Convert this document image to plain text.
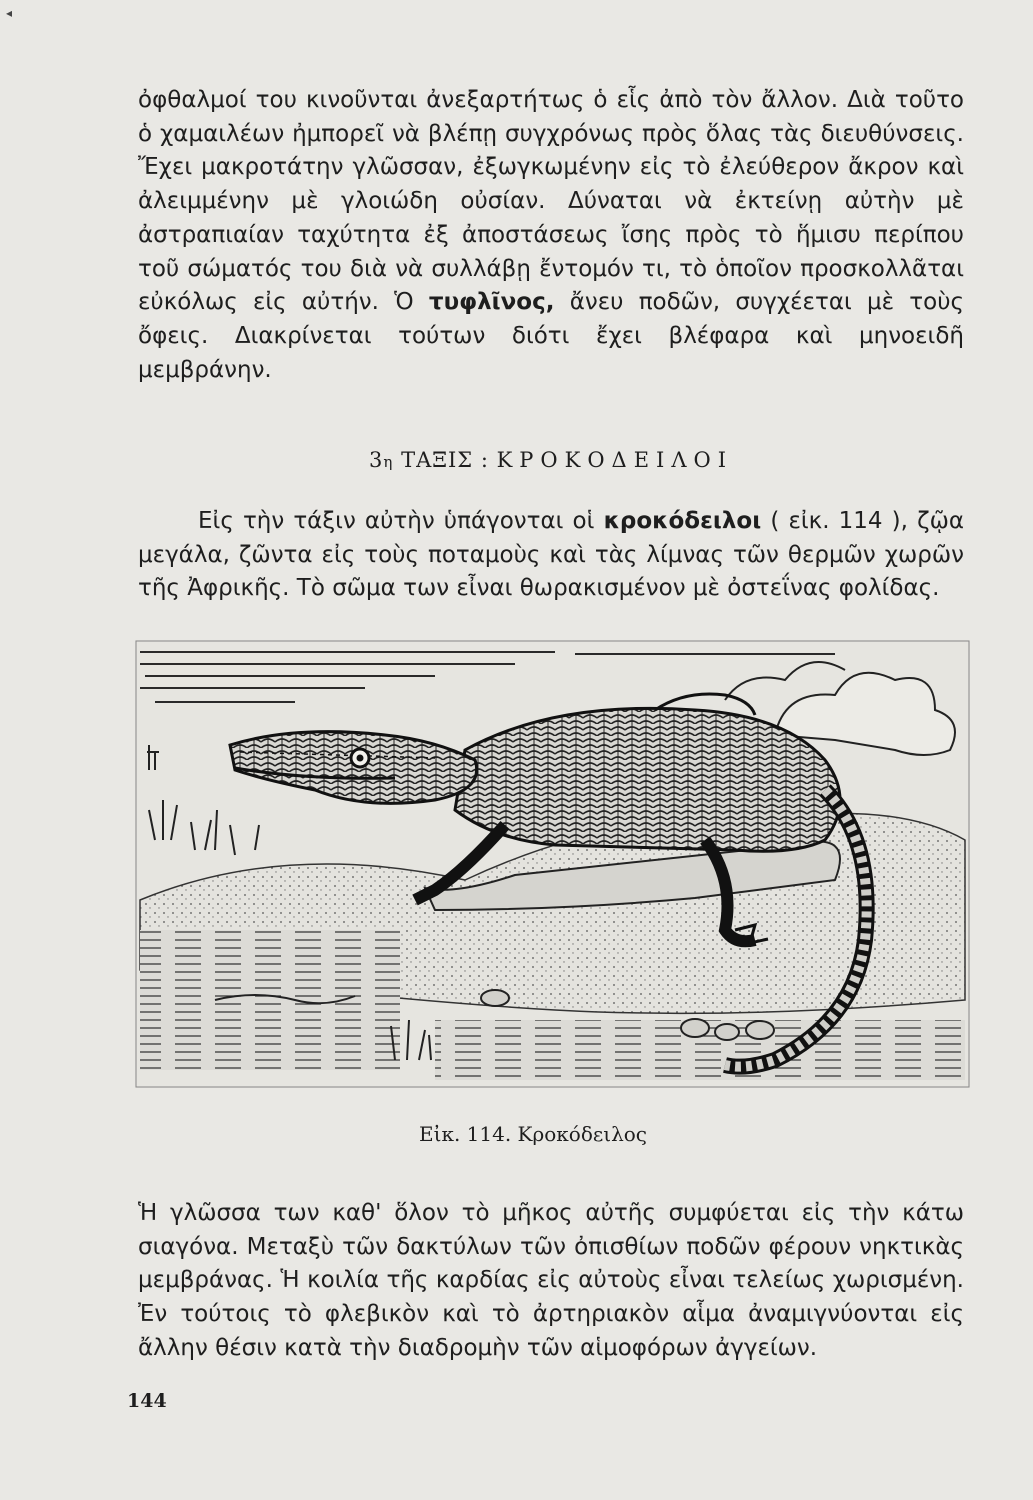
◂

ὀφθαλμοί του κινοῦνται ἀνεξαρτήτως ὁ εἷς ἀπὸ τὸν ἄλλον. Διὰ τοῦτο ὁ χαμαιλέων ἠμπορεῖ νὰ βλέπῃ συγχρόνως πρὸς ὅλας τὰς διευθύνσεις. Ἔχει μακροτάτην γλῶσσαν, ἐξωγκωμένην εἰς τὸ ἐλεύθερον ἄκρον καὶ ἀλειμμένην μὲ γλοιώδη οὐσίαν. Δύναται νὰ ἐκτείνῃ αὐτὴν μὲ ἀστραπιαίαν ταχύτητα ἐξ ἀποστάσεως ἴσης πρὸς τὸ ἥμισυ περίπου τοῦ σώματός του διὰ νὰ συλλάβῃ ἔντομόν τι, τὸ ὁποῖον προσκολλᾶται εὐκόλως εἰς αὐτήν. Ὁ τυφλῖνος, ἄνευ ποδῶν, συγχέεται μὲ τοὺς ὄφεις. Διακρίνεται τούτων διότι ἔχει βλέφαρα καὶ μηνοειδῆ μεμβράνην.

3η ΤΑΞΙΣ : ΚΡΟΚΟΔΕΙΛΟΙ

Εἰς τὴν τάξιν αὐτὴν ὑπάγονται οἱ κροκόδειλοι ( εἰκ. 114 ), ζῷα μεγάλα, ζῶντα εἰς τοὺς ποταμοὺς καὶ τὰς λίμνας τῶν θερμῶν χωρῶν τῆς Ἀφρικῆς. Τὸ σῶμα των εἶναι θωρακισμένον μὲ ὀστεΐνας φολίδας.

Εἰκ. 114. Κροκόδειλος

Ἡ γλῶσσα των καθ' ὅλον τὸ μῆκος αὐτῆς συμφύεται εἰς τὴν κάτω σιαγόνα. Μεταξὺ τῶν δακτύλων τῶν ὀπισθίων ποδῶν φέρουν νηκτικὰς μεμβράνας. Ἡ κοιλία τῆς καρδίας εἰς αὐτοὺς εἶναι τελείως χωρισμένη. Ἐν τούτοις τὸ φλεβικὸν καὶ τὸ ἀρτηριακὸν αἷμα ἀναμιγνύονται εἰς ἄλλην θέσιν κατὰ τὴν διαδρομὴν τῶν αἱμοφόρων ἀγγείων.

144
